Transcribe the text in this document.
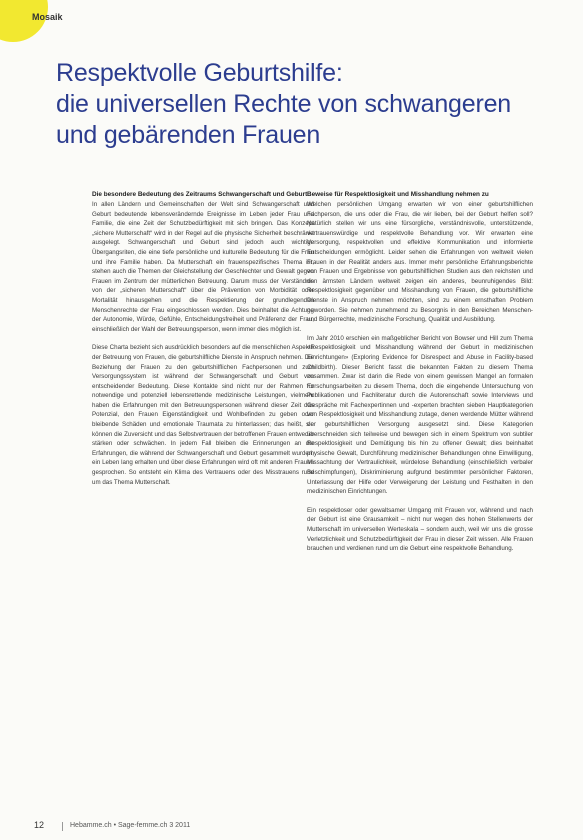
Mosaik
Respektvolle Geburtshilfe:
die universellen Rechte von schwangeren
und gebärenden Frauen
Die besondere Bedeutung des Zeitraums Schwangerschaft und Geburt

In allen Ländern und Gemeinschaften der Welt sind Schwangerschaft und Geburt bedeutende lebensverändernde Ereignisse im Leben jeder Frau und Familie, die eine Zeit der Schutzbedürftigkeit mit sich bringen. Das Konzept „sichere Mutterschaft“ wird in der Regel auf die physische Sicherheit beschränkt ausgelegt. Schwangerschaft und Geburt sind jedoch auch wichtige Übergangsriten, die eine tiefe persönliche und kulturelle Bedeutung für die Frau und ihre Familie haben. Da Mutterschaft ein frauenspezifisches Thema ist, stehen auch die Themen der Gleichstellung der Geschlechter und Gewalt gegen Frauen im Zentrum der mütterlichen Betreuung. Darum muss der Verständnis von der „sicheren Mutterschaft“ über die Prävention von Morbidität oder Mortalität hinausgehen und die Respektierung der grundlegenden Menschenrechte der Frau eingeschlossen werden. Dies beinhaltet die Achtung der Autonomie, Würde, Gefühle, Entscheidungsfreiheit und Präferenz der Frau, einschließlich der Wahl der Betreuungsperson, wenn immer dies möglich ist.

Diese Charta bezieht sich ausdrücklich besonders auf die menschlichen Aspekte der Betreuung von Frauen, die geburtshilfliche Dienste in Anspruch nehmen. Die Beziehung der Frauen zu den geburtshilflichen Fachpersonen und zum Versorgungssystem ist während der Schwangerschaft und Geburt von entscheidender Bedeutung. Diese Kontakte sind nicht nur der Rahmen für notwendige und potenziell lebensrettende medizinische Leistungen, vielmehr haben die Erfahrungen mit den Betreuungspersonen während dieser Zeit das Potenzial, den Frauen Eigenständigkeit und Wohlbefinden zu geben oder bleibende Schäden und emotionale Traumata zu hinterlassen; das heißt, sie können die Zuversicht und das Selbstvertrauen der betroffenen Frauen entweder stärken oder schwächen. In jedem Fall bleiben die Erinnerungen an die Erfahrungen, die während der Schwangerschaft und Geburt gesammelt wurden, ein Leben lang erhalten und über diese Erfahrungen wird oft mit anderen Frauen gesprochen. So entsteht ein Klima des Vertrauens oder des Misstrauens rund um das Thema Mutterschaft.

Beweise für Respektlosigkeit und Misshandlung nehmen zu

Welchen persönlichen Umgang erwarten wir von einer geburtshilflichen Fachperson, die uns oder die Frau, die wir lieben, bei der Geburt helfen soll? Natürlich stellen wir uns eine fürsorgliche, verständnisvolle, unterstützende, vertrauenswürdige und respektvolle Behandlung vor. Wir erwarten eine Versorgung, respektvollen und effektive Kommunikation und informierte Entscheidungen ermöglicht. Leider sehen die Erfahrungen von weltweit vielen Frauen in der Realität anders aus. Immer mehr persönliche Erfahrungsberichte von Frauen und Ergebnisse von geburtshilflichen Studien aus den reichsten und den ärmsten Ländern weltweit zeigen ein anderes, beunruhigendes Bild: Respektlosigkeit gegenüber und Misshandlung von Frauen, die geburtshilfliche Dienste in Anspruch nehmen möchten, sind zu einem ernsthaften Problem geworden. Sie nehmen zunehmend zu Besorgnis in den Bereichen Menschen- und Bürgerrechte, medizinische Forschung, Qualität und Ausbildung.

Im Jahr 2010 erschien ein maßgeblicher Bericht von Bowser und Hill zum Thema «Respektlosigkeit und Misshandlung während der Geburt in medizinischen Einrichtungen» (Exploring Evidence for Disrespect and Abuse in Facility-based Childbirth). Dieser Bericht fasst die bekannten Fakten zu diesem Thema zusammen. Zwar ist darin die Rede von einem gewissen Mangel an formalen Forschungsarbeiten zu diesem Thema, doch die eingehende Untersuchung von Publikationen und Fachliteratur durch die Autorenschaft sowie Interviews und Gespräche mit Fachexpertinnen und -experten brachten sieben Hauptkategorien von Respektlosigkeit und Misshandlung zutage, denen werdende Mütter während der geburtshilflichen Versorgung ausgesetzt sind. Diese Kategorien überschneiden sich teilweise und bewegen sich in einem Spektrum von subtiler Respektlosigkeit und Demütigung bis hin zu offener Gewalt; dies beinhaltet physische Gewalt, Durchführung medizinischer Behandlungen ohne Einwilligung, Missachtung der Vertraulichkeit, würdelose Behandlung (einschließlich verbaler Beschimpfungen), Diskriminierung aufgrund bestimmter persönlicher Faktoren, Unterlassung der Hilfe oder Verweigerung der Leistung und Festhalten in den medizinischen Einrichtungen.

Ein respektloser oder gewaltsamer Umgang mit Frauen vor, während und nach der Geburt ist eine Grausamkeit – nicht nur wegen des hohen Stellenwerts der Mutterschaft im universellen Werteskala – sondern auch, weil wir uns die grosse Verletzlichkeit und Schutzbedürftigkeit der Frau in dieser Zeit wissen. Alle Frauen brauchen und verdienen rund um die Geburt eine respektvolle Behandlung.

12	Hebamme.ch • Sage-femme.ch 3 2011
